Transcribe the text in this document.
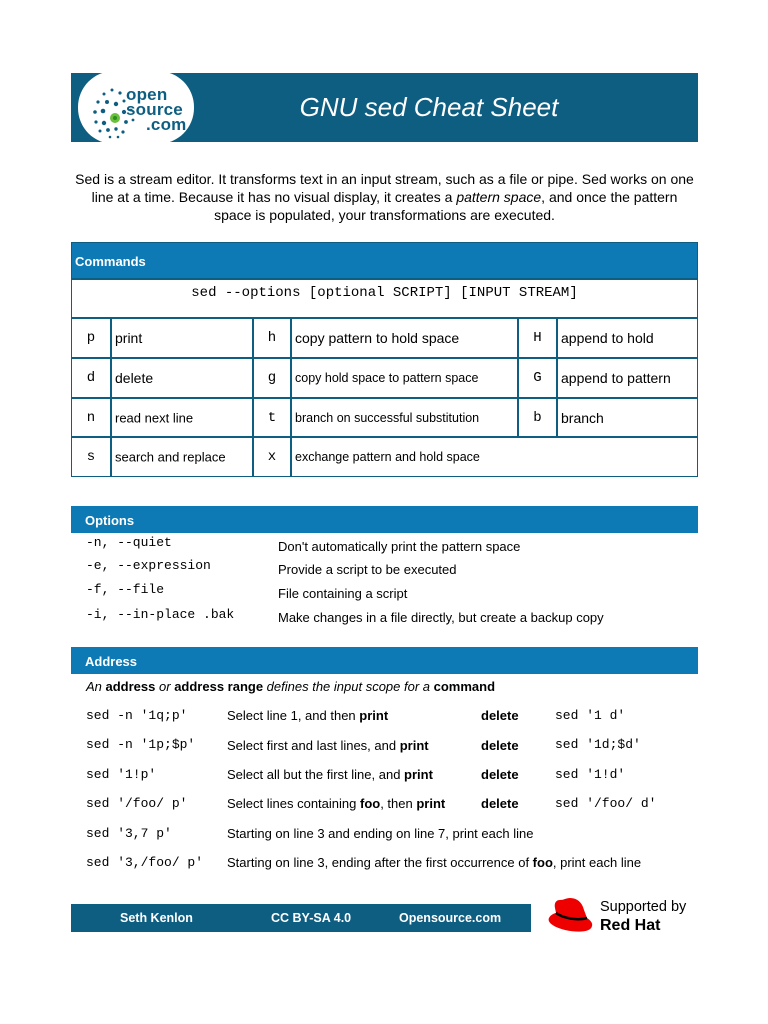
open
source
.com
GNU sed Cheat Sheet
Sed is a stream editor. It transforms text in an input stream, such as a file or pipe. Sed works on one line at a time. Because it has no visual display, it creates a pattern space, and once the pattern space is populated, your transformations are executed.
Commands
sed --options [optional SCRIPT] [INPUT STREAM]
p	print	h	copy pattern to hold space	H	append to hold
d	delete	g	copy hold space to pattern space	G	append to pattern
n	read next line	t	branch on successful substitution	b	branch
s	search and replace	x	exchange pattern and hold space
Options
-n, --quiet	Don't automatically print the pattern space
-e, --expression	Provide a script to be executed
-f, --file	File containing a script
-i, --in-place .bak	Make changes in a file directly, but create a backup copy
Address
An address or address range defines the input scope for a command
sed -n '1q;p'	Select line 1, and then print	delete	sed '1 d'
sed -n '1p;$p' Select first and last lines, and print	delete	sed '1d;$d'
sed '1!p'	Select all but the first line, and print	delete	sed '1!d'
sed '/foo/ p'	Select lines containing foo, then print	delete	sed '/foo/ d'
sed '3,7 p'	Starting on line 3 and ending on line 7, print each line
sed '3,/foo/ p' Starting on line 3, ending after the first occurrence of foo, print each line
Seth Kenlon	CC BY-SA 4.0	Opensource.com
Supported by
Red Hat
